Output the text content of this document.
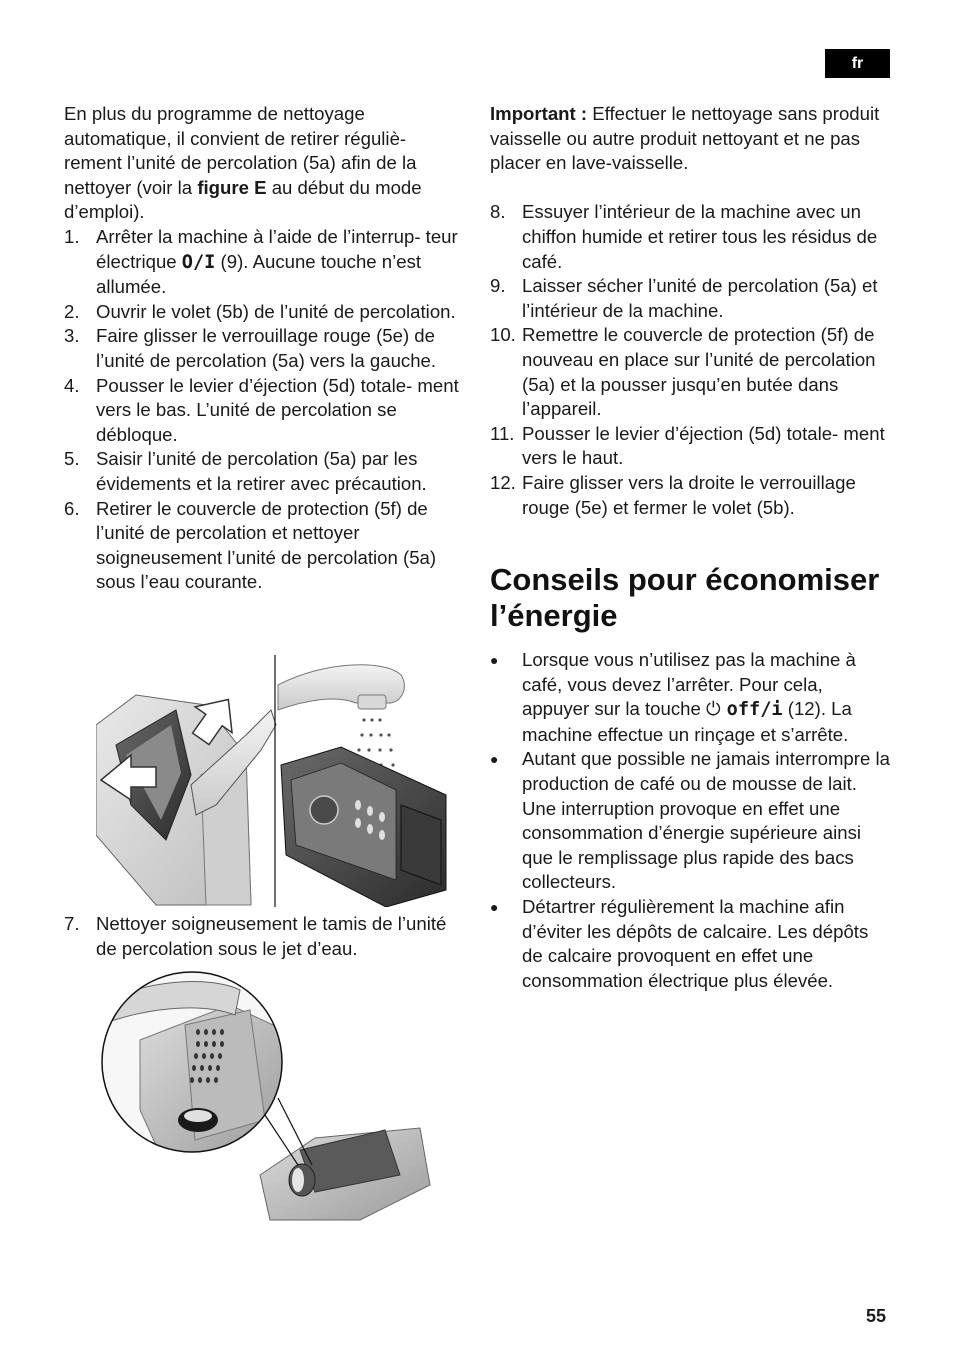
fr

En plus du programme de nettoyage automatique, il convient de retirer réguliè- rement l’unité de percolation (5a) afin de la nettoyer (voir la figure E au début du mode d’emploi).

1. Arrêter la machine à l’aide de l’interrup- teur électrique O/I (9). Aucune touche n’est allumée.
2. Ouvrir le volet (5b) de l’unité de percolation.
3. Faire glisser le verrouillage rouge (5e) de l’unité de percolation (5a) vers la gauche.
4. Pousser le levier d’éjection (5d) totale- ment vers le bas. L’unité de percolation se débloque.
5. Saisir l’unité de percolation (5a) par les évidements et la retirer avec précaution.
6. Retirer le couvercle de protection (5f) de l’unité de percolation et nettoyer soigneusement l’unité de percolation (5a) sous l’eau courante.
7. Nettoyer soigneusement le tamis de l’unité de percolation sous le jet d’eau.

Important : Effectuer le nettoyage sans produit vaisselle ou autre produit nettoyant et ne pas placer en lave-vaisselle.

8. Essuyer l’intérieur de la machine avec un chiffon humide et retirer tous les résidus de café.
9. Laisser sécher l’unité de percolation (5a) et l’intérieur de la machine.
10. Remettre le couvercle de protection (5f) de nouveau en place sur l’unité de percolation (5a) et la pousser jusqu’en butée dans l’appareil.
11. Pousser le levier d’éjection (5d) totale- ment vers le haut.
12. Faire glisser vers la droite le verrouillage rouge (5e) et fermer le volet (5b).
Conseils pour économiser l’énergie
● Lorsque vous n’utilisez pas la machine à café, vous devez l’arrêter. Pour cela, appuyer sur la touche ⏻ off/i (12). La machine effectue un rinçage et s’arrête.
● Autant que possible ne jamais interrompre la production de café ou de mousse de lait. Une interruption provoque en effet une consommation d’énergie supérieure ainsi que le remplissage plus rapide des bacs collecteurs.
● Détartrer régulièrement la machine afin d’éviter les dépôts de calcaire. Les dépôts de calcaire provoquent en effet une consommation électrique plus élevée.
55
